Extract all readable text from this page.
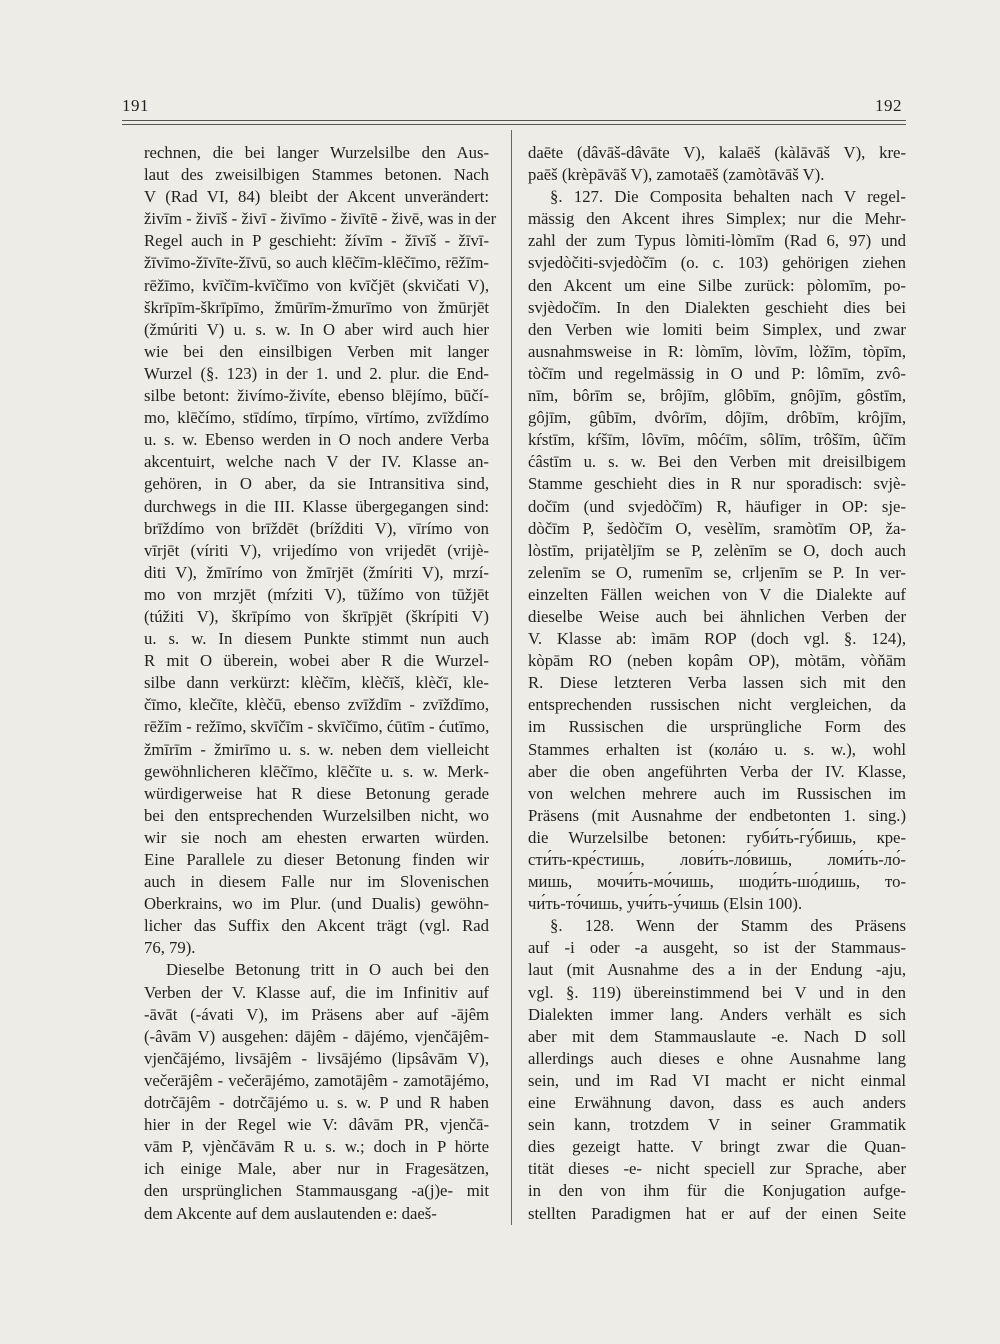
191	192

rechnen, die bei langer Wurzelsilbe den Aus-

laut des zweisilbigen Stammes betonen. Nach

V (Rad VI, 84) bleibt der Akcent unverändert:

živīm - živīš - živī - živīmo - živītē - živē, was in der

Regel auch in P geschieht: žívīm - žīvīš - žīvī-

žīvīmo-žīvīte-žīvū, so auch klēčīm-klēčīmo, rēžīm-

rēžīmo, kvīčīm-kvīčīmo von kvīčjēt (skvičati V),

škrīpīm-škrīpīmo, žmūrīm-žmurīmo von žmūrjēt

(žmúriti V) u. s. w. In O aber wird auch hier

wie bei den einsilbigen Verben mit langer

Wurzel (§. 123) in der 1. und 2. plur. die End-

silbe betont: živímo-živíte, ebenso blējímo, būčí-

mo, klēčímo, stīdímo, tīrpímo, vīrtímo, zvīždímo

u. s. w. Ebenso werden in O noch andere Verba

akcentuirt, welche nach V der IV. Klasse an-

gehören, in O aber, da sie Intransitiva sind,

durchwegs in die III. Klasse übergegangen sind:

brīždímo von brīždēt (brížditi V), vīrímo von

vīrjēt (víriti V), vrijedímo von vrijedēt (vrijè-

diti V), žmīrímo von žmīrjēt (žmíriti V), mrzí-

mo von mrzjēt (mŕziti V), tūžímo von tūžjēt

(túžiti V), škrīpímo von škrīpjēt (škrípiti V)

u. s. w. In diesem Punkte stimmt nun auch

R mit O überein, wobei aber R die Wurzel-

silbe dann verkürzt: klèčīm, klèčīš, klèčī, kle-

čīmo, klečīte, klèčū, ebenso zvīždīm - zvīždīmo,

rēžīm - režīmo, skvīčīm - skvīčīmo, ćūtīm - ćutīmo,

žmīrīm - žmirīmo u. s. w. neben dem vielleicht

gewöhnlicheren klēčīmo, klēčīte u. s. w. Merk-

würdigerweise hat R diese Betonung gerade

bei den entsprechenden Wurzelsilben nicht, wo

wir sie noch am ehesten erwarten würden.

Eine Parallele zu dieser Betonung finden wir

auch in diesem Falle nur im Slovenischen

Oberkrains, wo im Plur. (und Dualis) gewöhn-

licher das Suffix den Akcent trägt (vgl. Rad

76, 79).

Dieselbe Betonung tritt in O auch bei den

Verben der V. Klasse auf, die im Infinitiv auf

-āvāt (-ávati V), im Präsens aber auf -ājêm

(-âvām V) ausgehen: dājêm - dājémo, vjenčājêm-

vjenčājémo, livsājêm - livsājémo (lipsâvām V),

večerājêm - večerājémo, zamotājêm - zamotājémo,

dotrčājêm - dotrčājémo u. s. w. P und R haben

hier in der Regel wie V: dâvām PR, vjenčā-

vām P, vjènčāvām R u. s. w.; doch in P hörte

ich einige Male, aber nur in Fragesätzen,

den ursprünglichen Stammausgang -a(j)e- mit

dem Akcente auf dem auslautenden e: daeš-

daēte (dâvāš-dâvāte V), kalaēš (kàlāvāš V), kre-

paēš (krèpāvāš V), zamotaēš (zamòtāvāš V).

§. 127. Die Composita behalten nach V regel-

mässig den Akcent ihres Simplex; nur die Mehr-

zahl der zum Typus lòmiti-lòmīm (Rad 6, 97) und

svjedòčiti-svjedòčīm (o. c. 103) gehörigen ziehen

den Akcent um eine Silbe zurück: pòlomīm, po-

svjèdočīm. In den Dialekten geschieht dies bei

den Verben wie lomiti beim Simplex, und zwar

ausnahmsweise in R: lòmīm, lòvīm, lòžīm, tòpīm,

tòčīm und regelmässig in O und P: lômīm, zvô-

nīm, bôrīm se, brôjīm, glôbīm, gnôjīm, gôstīm,

gôjīm, gûbīm, dvôrīm, dôjīm, drôbīm, krôjīm,

kŕstīm, kŕšīm, lôvīm, môćīm, sôlīm, trôšīm, ûčīm

ćâstīm u. s. w. Bei den Verben mit dreisilbigem

Stamme geschieht dies in R nur sporadisch: svjè-

dočīm (und svjedòčīm) R, häufiger in OP: sje-

dòčīm P, šedòčīm O, vesèlīm, sramòtīm OP, ža-

lòstīm, prijatèljīm se P, zelènīm se O, doch auch

zelenīm se O, rumenīm se, crljenīm se P. In ver-

einzelten Fällen weichen von V die Dialekte auf

dieselbe Weise auch bei ähnlichen Verben der

V. Klasse ab: ìmām ROP (doch vgl. §. 124),

kòpām RO (neben kopâm OP), mòtām, vòňām

R. Diese letzteren Verba lassen sich mit den

entsprechenden russischen nicht vergleichen, da

im Russischen die ursprüngliche Form des

Stammes erhalten ist (колáю u. s. w.), wohl

aber die oben angeführten Verba der IV. Klasse,

von welchen mehrere auch im Russischen im

Präsens (mit Ausnahme der endbetonten 1. sing.)

die Wurzelsilbe betonen: губи́ть-гу́бишь, кре-

сти́ть-кре́стишь, лови́ть-ло́вишь, ломи́ть-ло́-

мишь, мочи́ть-мо́чишь, шоди́ть-шо́дишь, то-

чи́ть-то́чишь, учи́ть-у́чишь (Elsin 100).

§. 128. Wenn der Stamm des Präsens

auf -i oder -a ausgeht, so ist der Stammaus-

laut (mit Ausnahme des a in der Endung -aju,

vgl. §. 119) übereinstimmend bei V und in den

Dialekten immer lang. Anders verhält es sich

aber mit dem Stammauslaute -e. Nach D soll

allerdings auch dieses e ohne Ausnahme lang

sein, und im Rad VI macht er nicht einmal

eine Erwähnung davon, dass es auch anders

sein kann, trotzdem V in seiner Grammatik

dies gezeigt hatte. V bringt zwar die Quan-

tität dieses -e- nicht speciell zur Sprache, aber

in den von ihm für die Konjugation aufge-

stellten Paradigmen hat er auf der einen Seite
